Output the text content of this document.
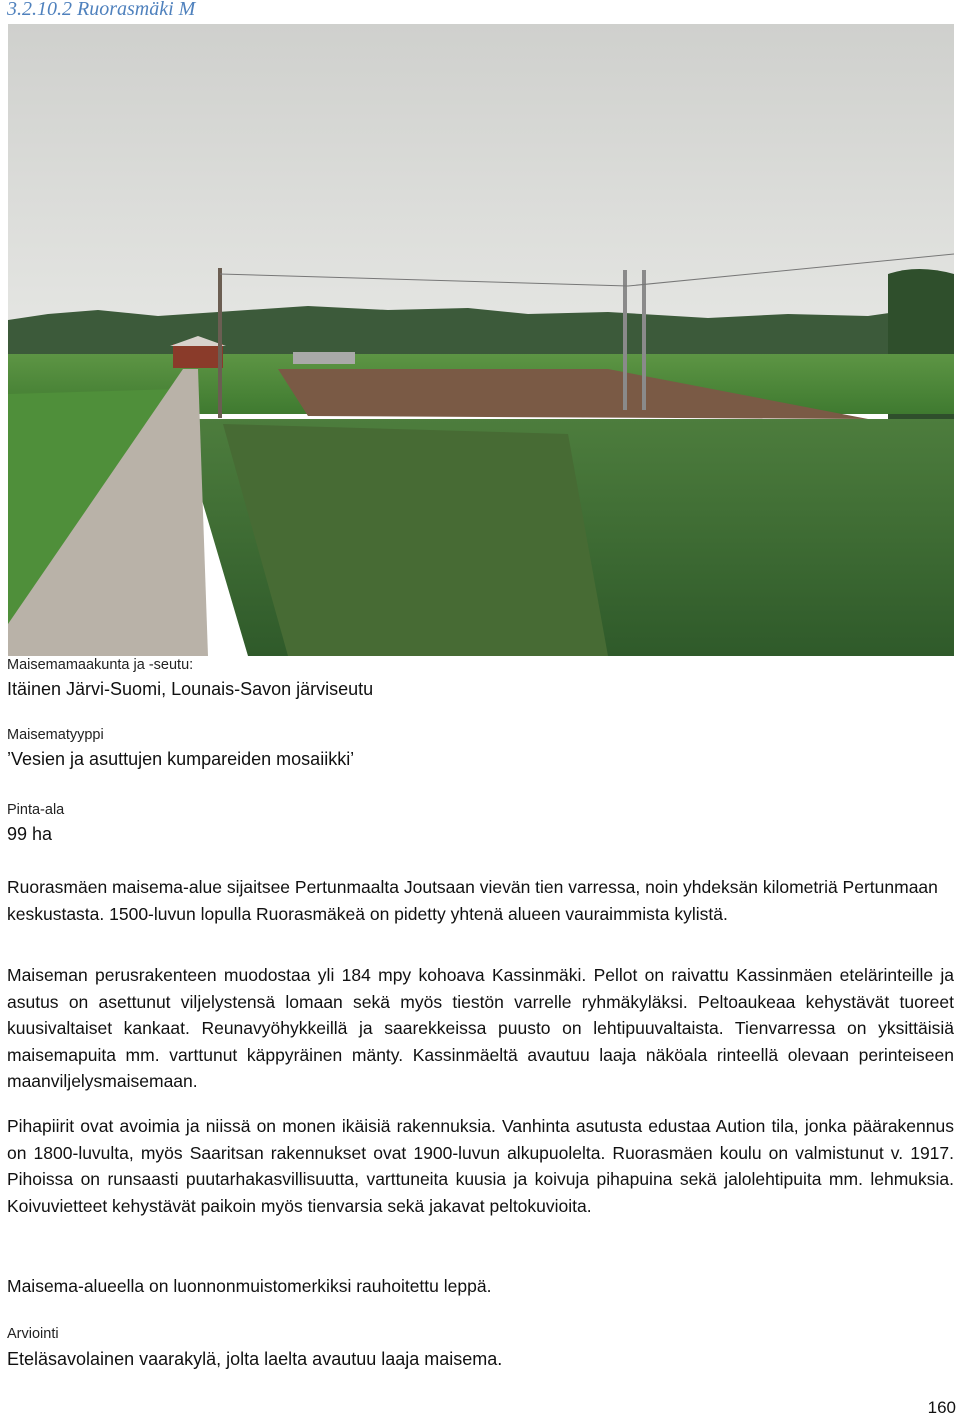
3.2.10.2 Ruorasmäki M
Maisemamaakunta ja -seutu:
Itäinen Järvi-Suomi, Lounais-Savon järviseutu
Maisematyyppi
’Vesien ja asuttujen kumpareiden mosaiikki’
Pinta-ala
99 ha

Ruorasmäen maisema-alue sijaitsee Pertunmaalta Joutsaan vievän tien varressa, noin yhdeksän kilometriä Pertunmaan keskustasta. 1500-luvun lopulla Ruorasmäkeä on pidetty yhtenä alueen vauraimmista kylistä.

Maiseman perusrakenteen muodostaa yli 184 mpy kohoava Kassinmäki. Pellot on raivattu Kassinmäen etelärinteille ja asutus on asettunut viljelystensä lomaan sekä myös tiestön varrelle ryhmäkyläksi. Peltoaukeaa kehystävät tuoreet kuusivaltaiset kankaat. Reunavyöhykkeillä ja saarekkeissa puusto on lehtipuuvaltaista. Tienvarressa on yksittäisiä maisemapuita mm. varttunut käppyräinen mänty. Kassinmäeltä avautuu laaja näköala rinteellä olevaan perinteiseen maanviljelysmaisemaan.

Pihapiirit ovat avoimia ja niissä on monen ikäisiä rakennuksia. Vanhinta asutusta edustaa Aution tila, jonka päärakennus on 1800-luvulta, myös Saaritsan rakennukset ovat 1900-luvun alkupuolelta. Ruorasmäen koulu on valmistunut v. 1917. Pihoissa on runsaasti puutarhakasvillisuutta, varttuneita kuusia ja koivuja pihapuina sekä jalolehtipuita mm. lehmuksia. Koivuvietteet kehystävät paikoin myös tienvarsia sekä jakavat peltokuvioita.

Maisema-alueella on luonnonmuistomerkiksi rauhoitettu leppä.

Arviointi
Eteläsavolainen vaarakylä, jolta laelta avautuu laaja maisema.
160
